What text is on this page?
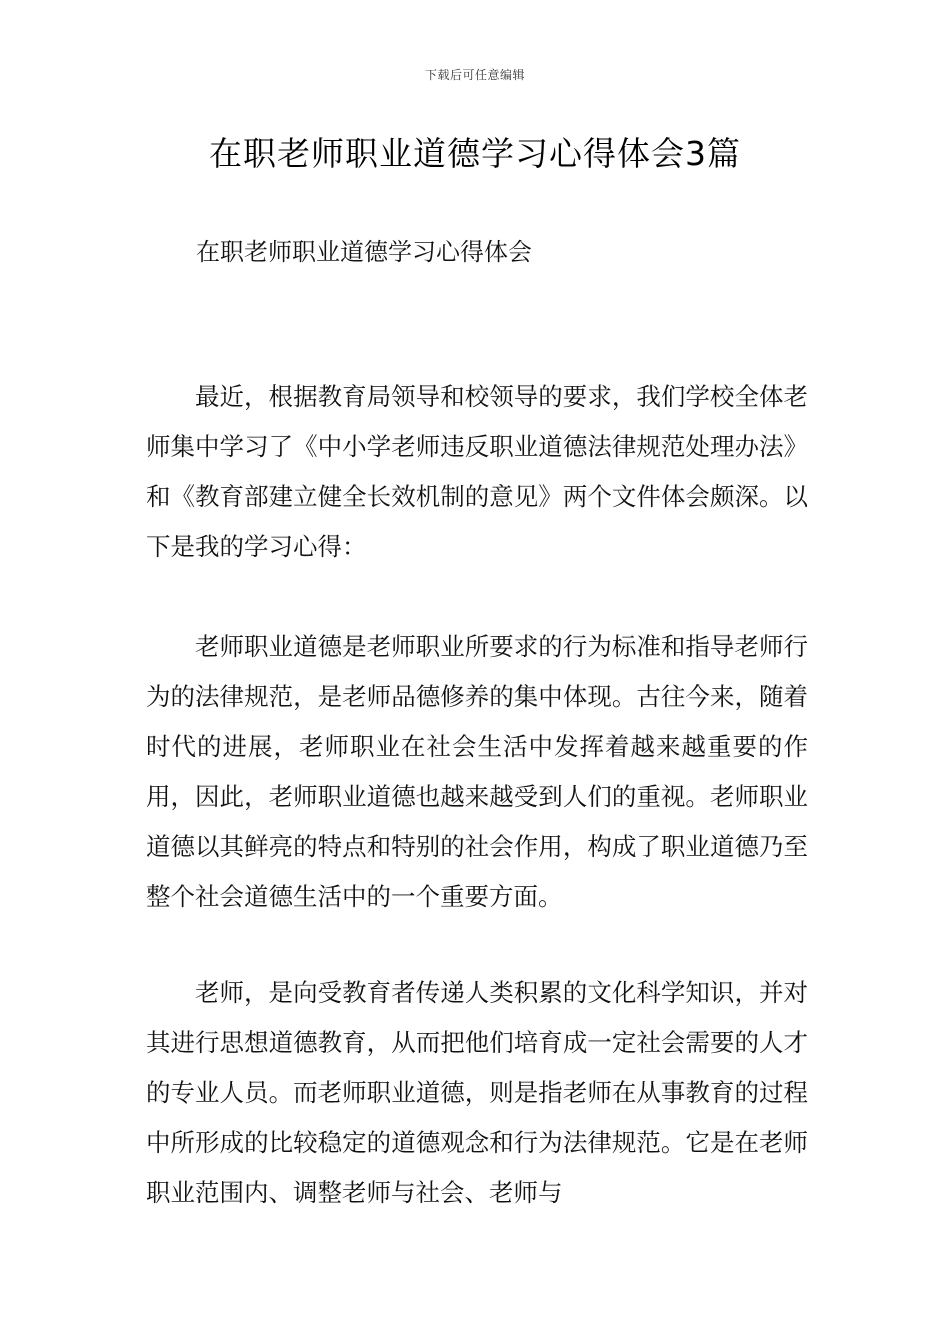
下载后可任意编辑
在职老师职业道德学习心得体会3篇

在职老师职业道德学习心得体会

最近，根据教育局领导和校领导的要求，我们学校全体老师集中学习了《中小学老师违反职业道德法律规范处理办法》和《教育部建立健全长效机制的意见》两个文件体会颇深。以下是我的学习心得：

老师职业道德是老师职业所要求的行为标准和指导老师行为的法律规范，是老师品德修养的集中体现。古往今来，随着时代的进展，老师职业在社会生活中发挥着越来越重要的作用，因此，老师职业道德也越来越受到人们的重视。老师职业道德以其鲜亮的特点和特别的社会作用，构成了职业道德乃至整个社会道德生活中的一个重要方面。

老师，是向受教育者传递人类积累的文化科学知识，并对其进行思想道德教育，从而把他们培育成一定社会需要的人才的专业人员。而老师职业道德，则是指老师在从事教育的过程中所形成的比较稳定的道德观念和行为法律规范。它是在老师职业范围内、调整老师与社会、老师与
